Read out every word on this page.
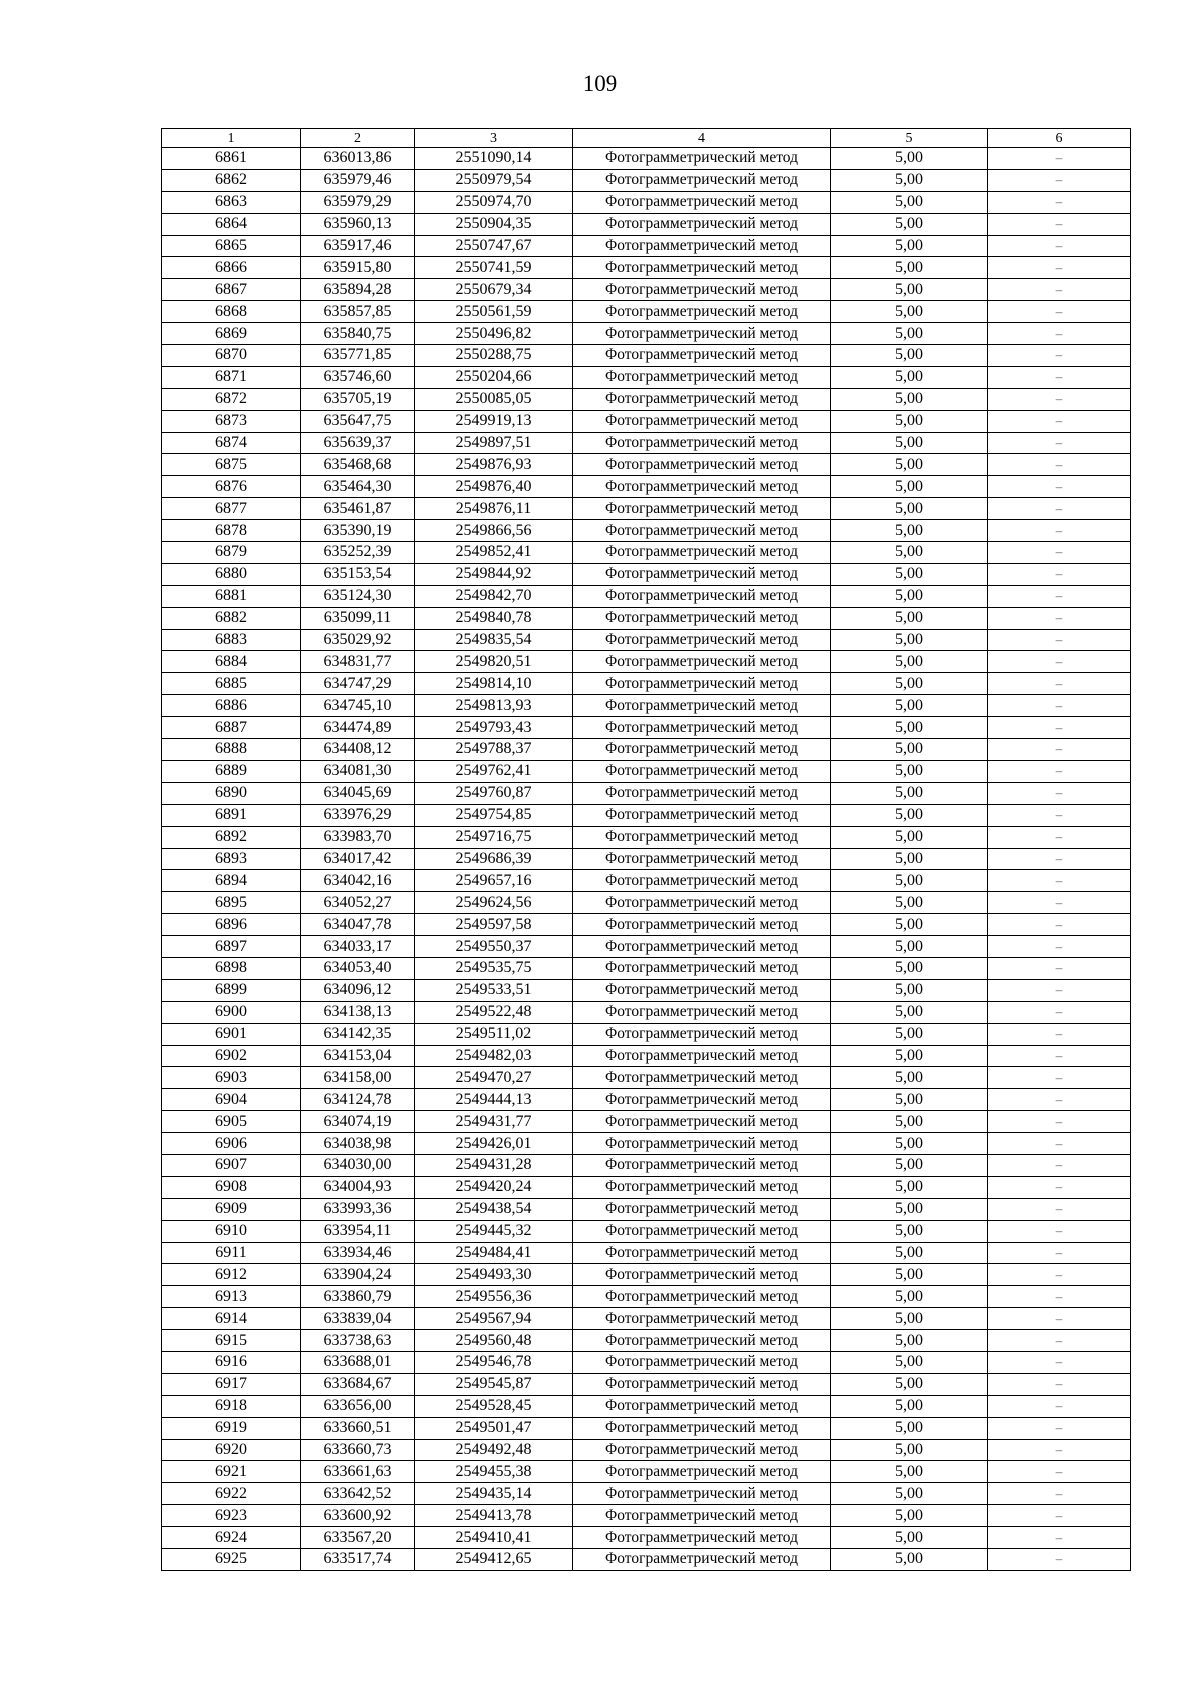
109
1	2	3	4	5	6
6861	636013,86	2551090,14	Фотограмметрический метод	5,00	–
6862	635979,46	2550979,54	Фотограмметрический метод	5,00	–
6863	635979,29	2550974,70	Фотограмметрический метод	5,00	–
6864	635960,13	2550904,35	Фотограмметрический метод	5,00	–
6865	635917,46	2550747,67	Фотограмметрический метод	5,00	–
6866	635915,80	2550741,59	Фотограмметрический метод	5,00	–
6867	635894,28	2550679,34	Фотограмметрический метод	5,00	–
6868	635857,85	2550561,59	Фотограмметрический метод	5,00	–
6869	635840,75	2550496,82	Фотограмметрический метод	5,00	–
6870	635771,85	2550288,75	Фотограмметрический метод	5,00	–
6871	635746,60	2550204,66	Фотограмметрический метод	5,00	–
6872	635705,19	2550085,05	Фотограмметрический метод	5,00	–
6873	635647,75	2549919,13	Фотограмметрический метод	5,00	–
6874	635639,37	2549897,51	Фотограмметрический метод	5,00	–
6875	635468,68	2549876,93	Фотограмметрический метод	5,00	–
6876	635464,30	2549876,40	Фотограмметрический метод	5,00	–
6877	635461,87	2549876,11	Фотограмметрический метод	5,00	–
6878	635390,19	2549866,56	Фотограмметрический метод	5,00	–
6879	635252,39	2549852,41	Фотограмметрический метод	5,00	–
6880	635153,54	2549844,92	Фотограмметрический метод	5,00	–
6881	635124,30	2549842,70	Фотограмметрический метод	5,00	–
6882	635099,11	2549840,78	Фотограмметрический метод	5,00	–
6883	635029,92	2549835,54	Фотограмметрический метод	5,00	–
6884	634831,77	2549820,51	Фотограмметрический метод	5,00	–
6885	634747,29	2549814,10	Фотограмметрический метод	5,00	–
6886	634745,10	2549813,93	Фотограмметрический метод	5,00	–
6887	634474,89	2549793,43	Фотограмметрический метод	5,00	–
6888	634408,12	2549788,37	Фотограмметрический метод	5,00	–
6889	634081,30	2549762,41	Фотограмметрический метод	5,00	–
6890	634045,69	2549760,87	Фотограмметрический метод	5,00	–
6891	633976,29	2549754,85	Фотограмметрический метод	5,00	–
6892	633983,70	2549716,75	Фотограмметрический метод	5,00	–
6893	634017,42	2549686,39	Фотограмметрический метод	5,00	–
6894	634042,16	2549657,16	Фотограмметрический метод	5,00	–
6895	634052,27	2549624,56	Фотограмметрический метод	5,00	–
6896	634047,78	2549597,58	Фотограмметрический метод	5,00	–
6897	634033,17	2549550,37	Фотограмметрический метод	5,00	–
6898	634053,40	2549535,75	Фотограмметрический метод	5,00	–
6899	634096,12	2549533,51	Фотограмметрический метод	5,00	–
6900	634138,13	2549522,48	Фотограмметрический метод	5,00	–
6901	634142,35	2549511,02	Фотограмметрический метод	5,00	–
6902	634153,04	2549482,03	Фотограмметрический метод	5,00	–
6903	634158,00	2549470,27	Фотограмметрический метод	5,00	–
6904	634124,78	2549444,13	Фотограмметрический метод	5,00	–
6905	634074,19	2549431,77	Фотограмметрический метод	5,00	–
6906	634038,98	2549426,01	Фотограмметрический метод	5,00	–
6907	634030,00	2549431,28	Фотограмметрический метод	5,00	–
6908	634004,93	2549420,24	Фотограмметрический метод	5,00	–
6909	633993,36	2549438,54	Фотограмметрический метод	5,00	–
6910	633954,11	2549445,32	Фотограмметрический метод	5,00	–
6911	633934,46	2549484,41	Фотограмметрический метод	5,00	–
6912	633904,24	2549493,30	Фотограмметрический метод	5,00	–
6913	633860,79	2549556,36	Фотограмметрический метод	5,00	–
6914	633839,04	2549567,94	Фотограмметрический метод	5,00	–
6915	633738,63	2549560,48	Фотограмметрический метод	5,00	–
6916	633688,01	2549546,78	Фотограмметрический метод	5,00	–
6917	633684,67	2549545,87	Фотограмметрический метод	5,00	–
6918	633656,00	2549528,45	Фотограмметрический метод	5,00	–
6919	633660,51	2549501,47	Фотограмметрический метод	5,00	–
6920	633660,73	2549492,48	Фотограмметрический метод	5,00	–
6921	633661,63	2549455,38	Фотограмметрический метод	5,00	–
6922	633642,52	2549435,14	Фотограмметрический метод	5,00	–
6923	633600,92	2549413,78	Фотограмметрический метод	5,00	–
6924	633567,20	2549410,41	Фотограмметрический метод	5,00	–
6925	633517,74	2549412,65	Фотограмметрический метод	5,00	–
